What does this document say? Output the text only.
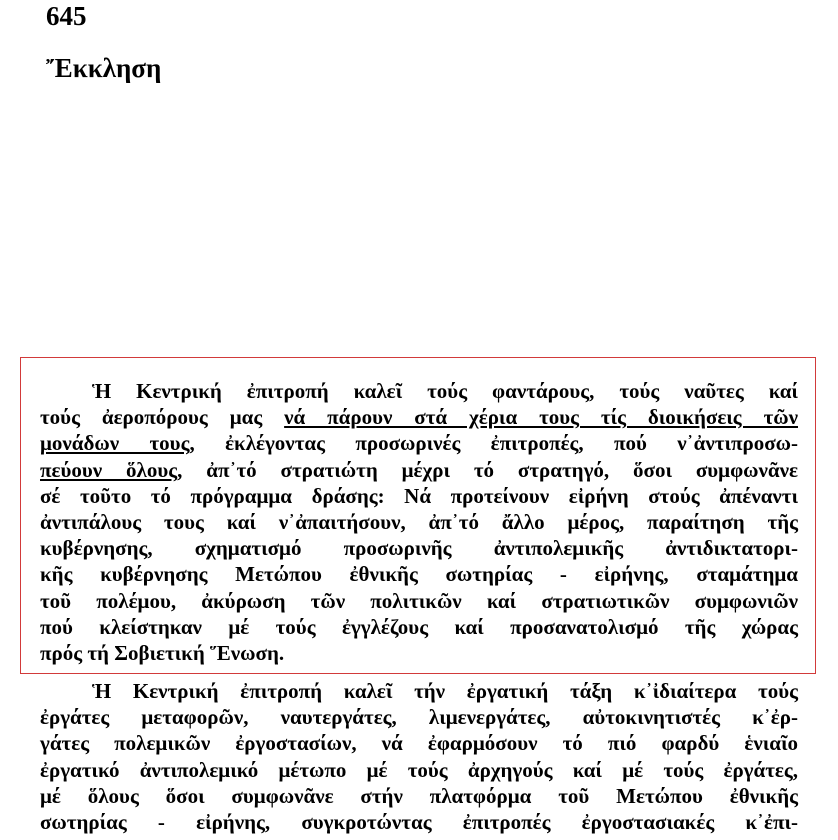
645
Ἔκκληση
Ἡ Κεντρική ἐπιτροπή καλεῖ τούς φαντάρους, τούς ναῦτες καί
τούς ἀεροπόρους μας νά πάρουν στά χέρια τους τίς διοικήσεις τῶν
μονάδων τους, ἐκλέγοντας προσωρινές ἐπιτροπές, πού ν᾿ἀντιπροσω-
πεύουν ὅλους, ἀπ᾿τό στρατιώτη μέχρι τό στρατηγό, ὅσοι συμφωνᾶνε
σέ τοῦτο τό πρόγραμμα δράσης: Νά προτείνουν εἰρήνη στούς ἀπέναντι
ἀντιπάλους τους καί ν᾿ἀπαιτήσουν, ἀπ᾿τό ἄλλο μέρος, παραίτηση τῆς
κυβέρνησης, σχηματισμό προσωρινῆς ἀντιπολεμικῆς ἀντιδικτατορι-
κῆς κυβέρνησης Μετώπου ἐθνικῆς σωτηρίας - εἰρήνης, σταμάτημα
τοῦ πολέμου, ἀκύρωση τῶν πολιτικῶν καί στρατιωτικῶν συμφωνιῶν
πού κλείστηκαν μέ τούς ἐγγλέζους καί προσανατολισμό τῆς χώρας
πρός τή Σοβιετική Ἕνωση.
Ἡ Κεντρική ἐπιτροπή καλεῖ τήν ἐργατική τάξη κ᾿ἰδιαίτερα τούς
ἐργάτες μεταφορῶν, ναυτεργάτες, λιμενεργάτες, αὐτοκινητιστές κ᾿ἐρ-
γάτες πολεμικῶν ἐργοστασίων, νά ἐφαρμόσουν τό πιό φαρδύ ἑνιαῖο
ἐργατικό ἀντιπολεμικό μέτωπο μέ τούς ἀρχηγούς καί μέ τούς ἐργάτες,
μέ ὅλους ὅσοι συμφωνᾶνε στήν πλατφόρμα τοῦ Μετώπου ἐθνικῆς
σωτηρίας - εἰρήνης, συγκροτώντας ἐπιτροπές ἐργοστασιακές κ᾿ἐπι-
